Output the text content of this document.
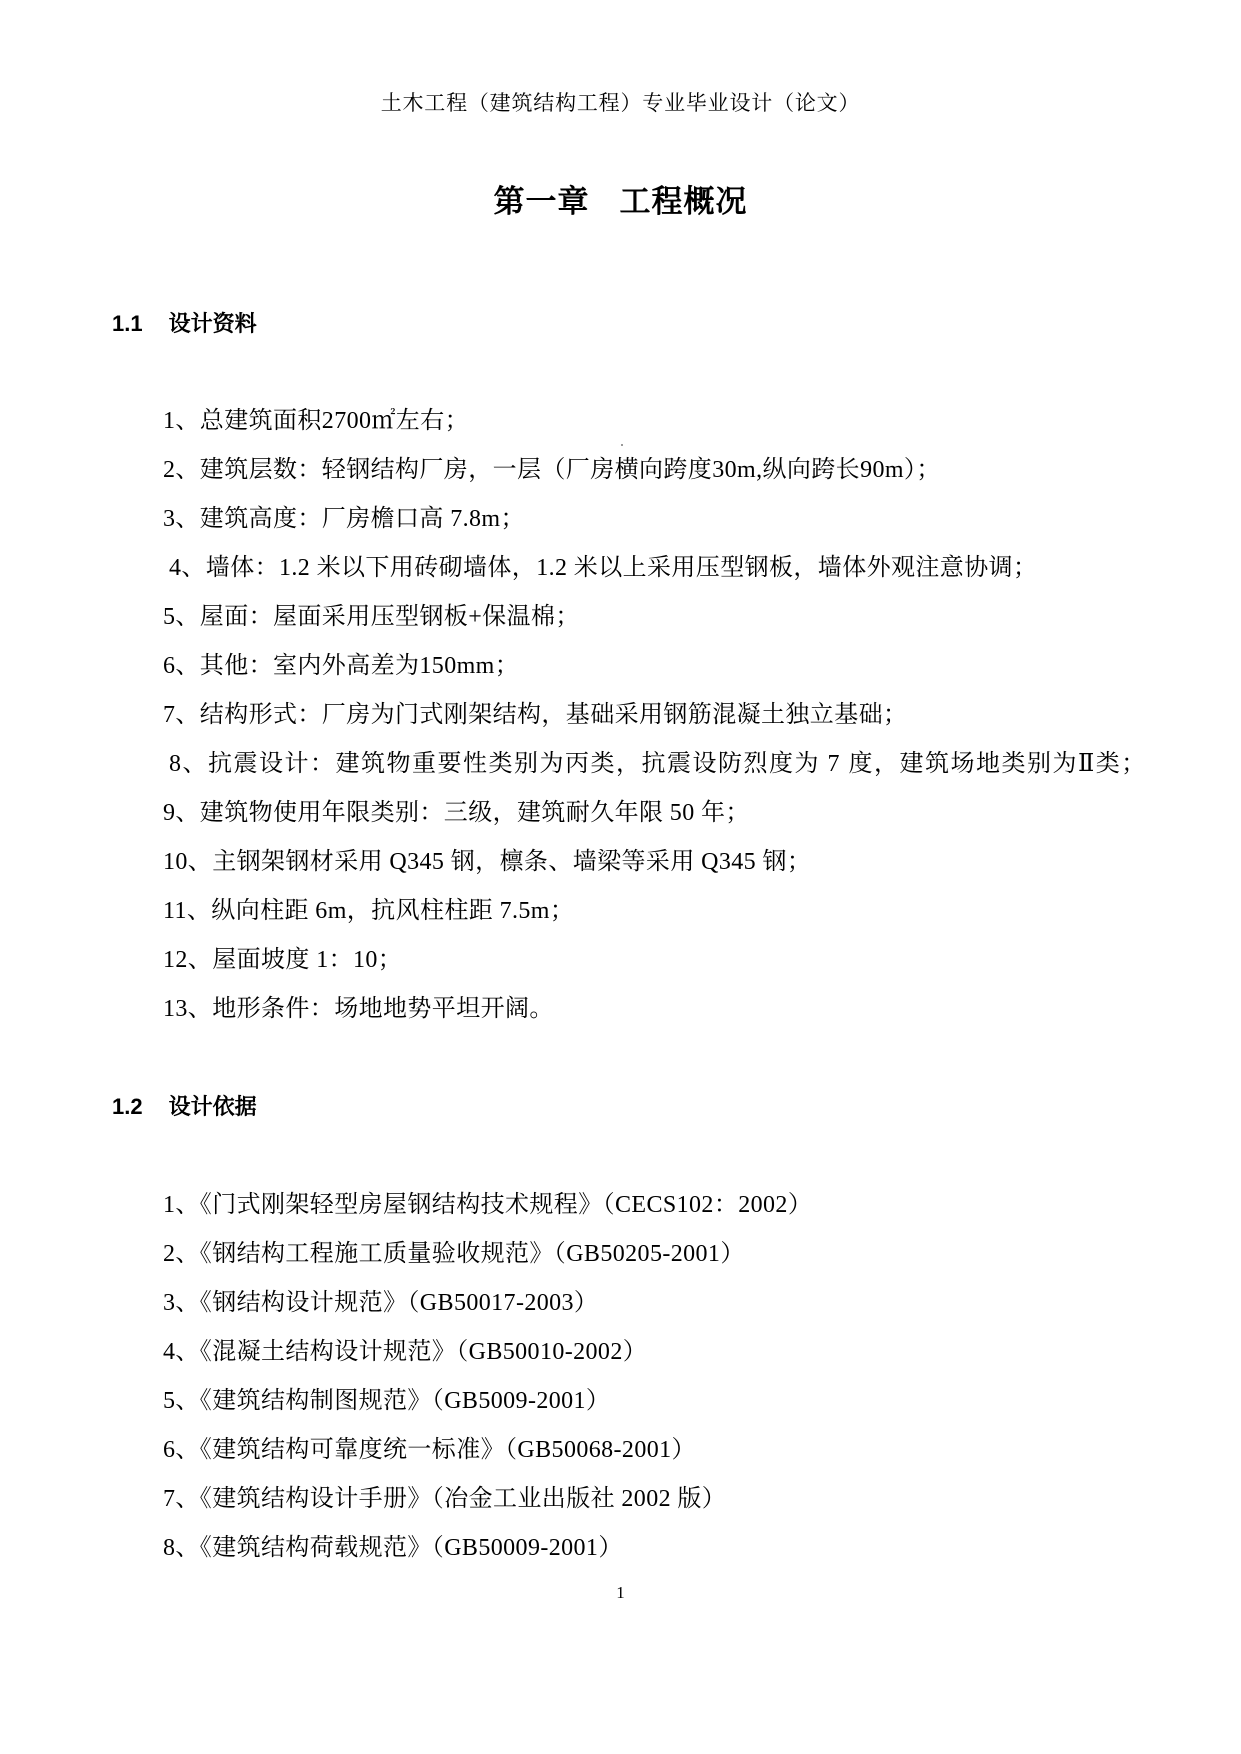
土木工程（建筑结构工程）专业毕业设计（论文）
第一章 工程概况
1.1 设计资料
1、总建筑面积2700㎡左右；
2、建筑层数：轻钢结构厂房，一层（厂房横向跨度30m,纵向跨长90m）；
3、建筑高度：厂房檐口高 7.8m；
4、墙体：1.2 米以下用砖砌墙体，1.2 米以上采用压型钢板，墙体外观注意协调；
5、屋面：屋面采用压型钢板+保温棉；
6、其他：室内外高差为150mm；
7、结构形式：厂房为门式刚架结构，基础采用钢筋混凝土独立基础；
8、抗震设计：建筑物重要性类别为丙类，抗震设防烈度为 7 度，建筑场地类别为Ⅱ类；
9、建筑物使用年限类别：三级，建筑耐久年限 50 年；
10、主钢架钢材采用 Q345 钢，檩条、墙梁等采用 Q345 钢；
11、纵向柱距 6m，抗风柱柱距 7.5m；
12、屋面坡度 1：10；
13、地形条件：场地地势平坦开阔。
1.2 设计依据
1、《门式刚架轻型房屋钢结构技术规程》（CECS102：2002）
2、《钢结构工程施工质量验收规范》（GB50205-2001）
3、《钢结构设计规范》（GB50017-2003）
4、《混凝土结构设计规范》（GB50010-2002）
5、《建筑结构制图规范》（GB5009-2001）
6、《建筑结构可靠度统一标准》（GB50068-2001）
7、《建筑结构设计手册》（冶金工业出版社 2002 版）
8、《建筑结构荷载规范》（GB50009-2001）
1
